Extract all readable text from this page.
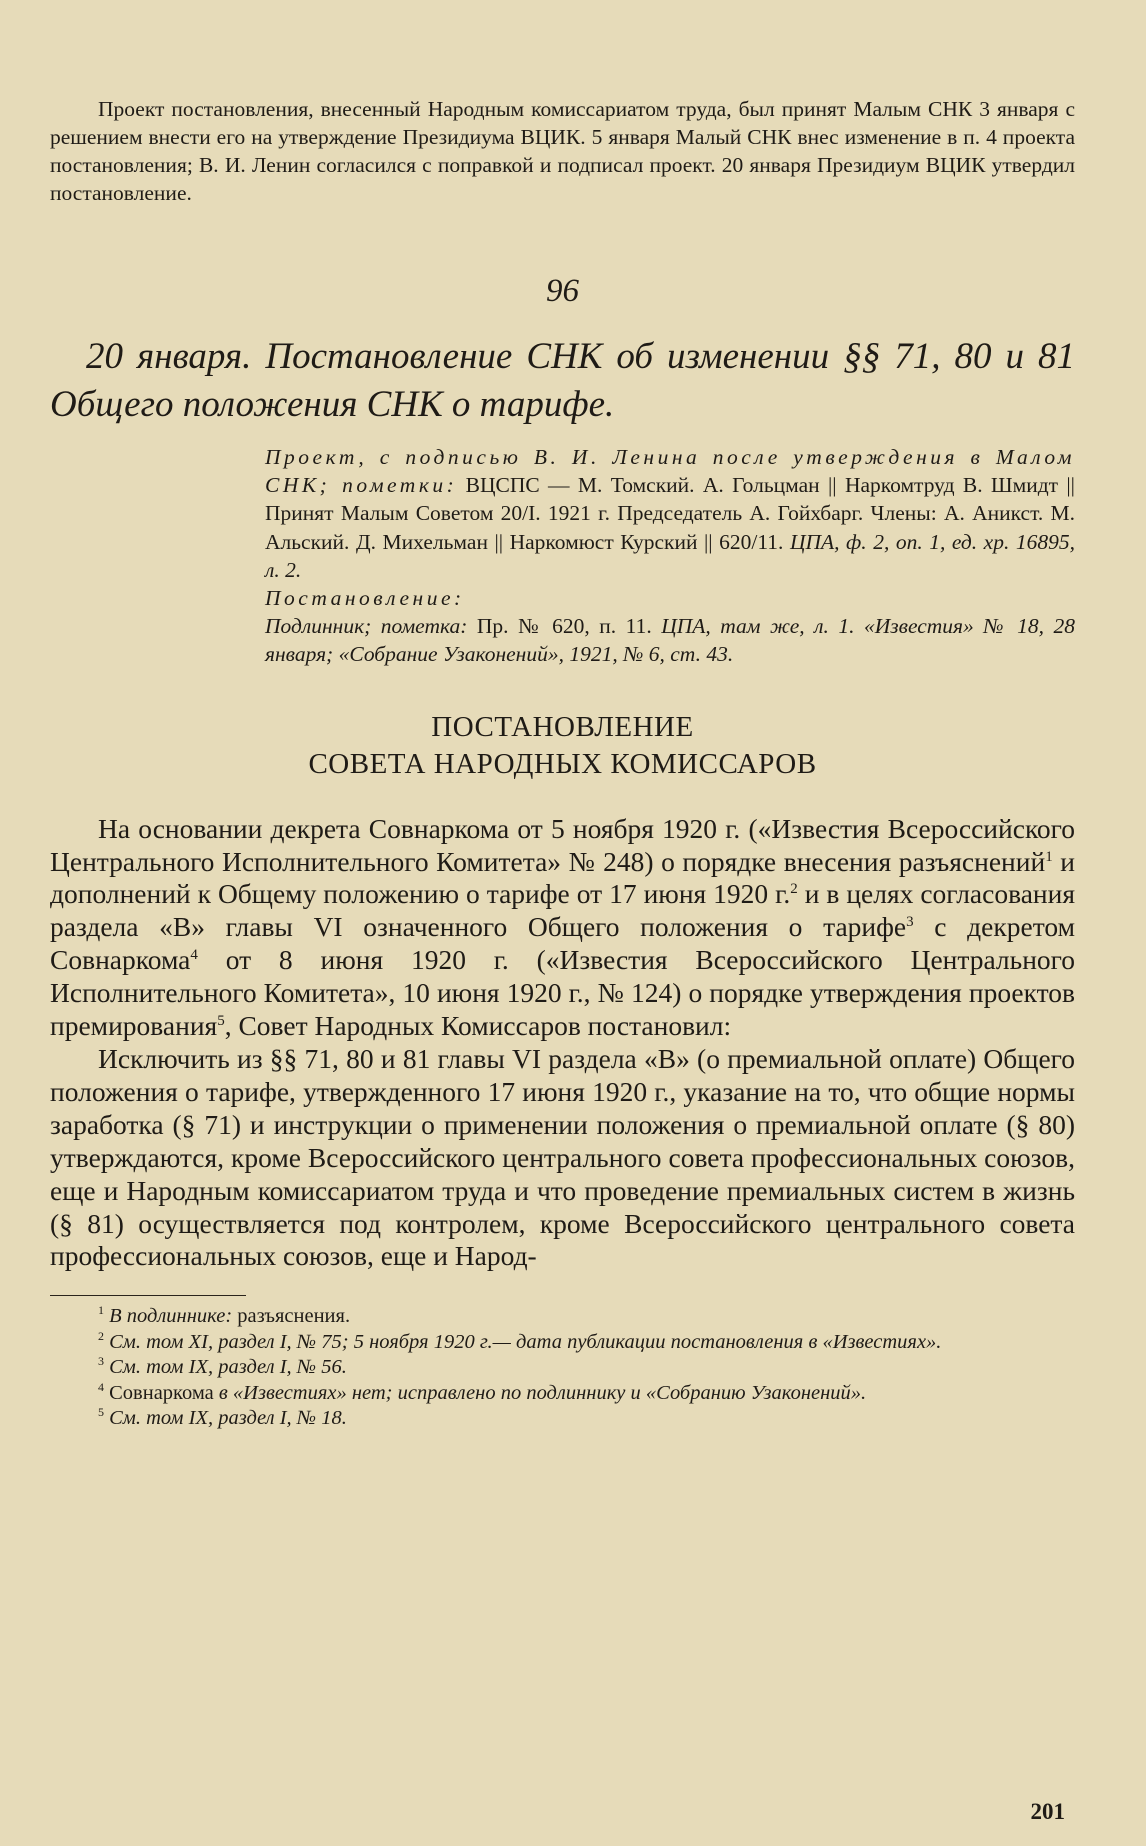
Проект постановления, внесенный Народным комиссариатом труда, был принят Малым СНК 3 января с решением внести его на утверждение Президиума ВЦИК. 5 января Малый СНК внес изменение в п. 4 проекта постановления; В. И. Ленин согласился с поправкой и подписал проект. 20 января Президиум ВЦИК утвердил постановление.

96
20 января. Постановление СНК об изменении §§ 71, 80 и 81 Общего положения СНК о тарифе.
Проект, с подписью В. И. Ленина после утверждения в Малом СНК; пометки: ВЦСПС — М. Томский. А. Гольцман || Наркомтруд В. Шмидт || Принят Малым Советом 20/I. 1921 г. Председатель А. Гойхбарг. Члены: А. Аникст. М. Альский. Д. Михельман || Наркомюст Курский || 620/11. ЦПА, ф. 2, оп. 1, ед. хр. 16895, л. 2.
Постановление:
Подлинник; пометка: Пр. № 620, п. 11. ЦПА, там же, л. 1. «Известия» № 18, 28 января; «Собрание Узаконений», 1921, № 6, ст. 43.
ПОСТАНОВЛЕНИЕ
СОВЕТА НАРОДНЫХ КОМИССАРОВ

На основании декрета Совнаркома от 5 ноября 1920 г. («Известия Всероссийского Центрального Исполнительного Комитета» № 248) о порядке внесения разъяснений$^1$ и дополнений к Общему положению о тарифе от 17 июня 1920 г.$^2$ и в целях согласования раздела «В» главы VI означенного Общего положения о тарифе$^3$ с декретом Совнаркома$^4$ от 8 июня 1920 г. («Известия Всероссийского Центрального Исполнительного Комитета», 10 июня 1920 г., № 124) о порядке утверждения проектов премирования$^5$, Совет Народных Комиссаров постановил:

Исключить из §§ 71, 80 и 81 главы VI раздела «В» (о премиальной оплате) Общего положения о тарифе, утвержденного 17 июня 1920 г., указание на то, что общие нормы заработка (§ 71) и инструкции о применении положения о премиальной оплате (§ 80) утверждаются, кроме Всероссийского центрального совета профессиональных союзов, еще и Народным комиссариатом труда и что проведение премиальных систем в жизнь (§ 81) осуществляется под контролем, кроме Всероссийского центрального совета профессиональных союзов, еще и Народ-

$^1$ В подлиннике: разъяснения.

$^2$ См. том XI, раздел I, № 75; 5 ноября 1920 г.— дата публикации постановления в «Известиях».

$^3$ См. том IX, раздел I, № 56.

$^4$ Совнаркома в «Известиях» нет; исправлено по подлиннику и «Собранию Узаконений».

$^5$ См. том IX, раздел I, № 18.

201
